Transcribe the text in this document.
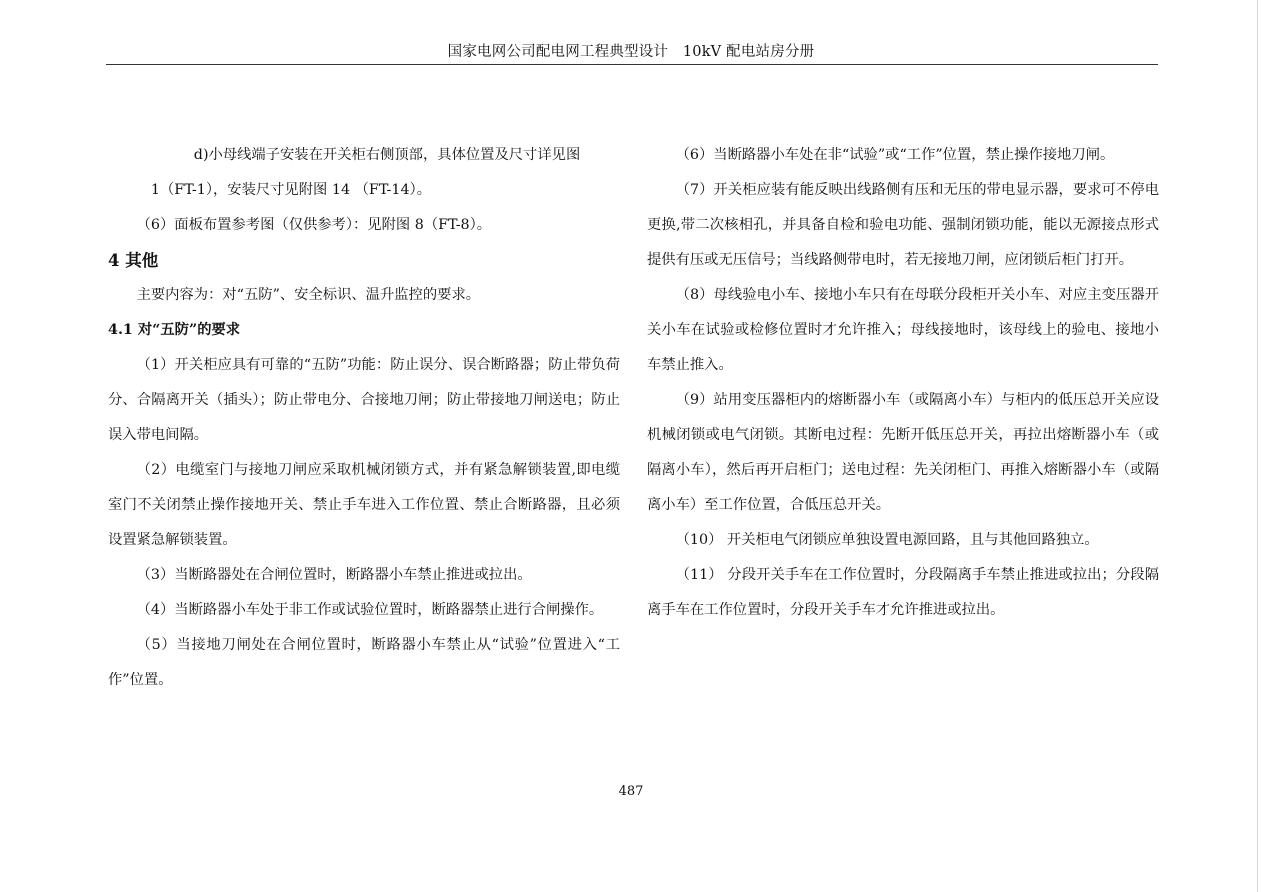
国家电网公司配电网工程典型设计　10kV 配电站房分册

d)小母线端子安装在开关柜右侧顶部，具体位置及尺寸详见图

1（FT-1），安装尺寸见附图 14 （FT-14）。

（6）面板布置参考图（仅供参考）：见附图 8（FT-8）。

4 其他

主要内容为：对“五防”、安全标识、温升监控的要求。

4.1 对“五防”的要求

（1）开关柜应具有可靠的“五防”功能：防止误分、误合断路器；防止带负荷分、合隔离开关（插头）；防止带电分、合接地刀闸；防止带接地刀闸送电；防止误入带电间隔。

（2）电缆室门与接地刀闸应采取机械闭锁方式，并有紧急解锁装置,即电缆室门不关闭禁止操作接地开关、禁止手车进入工作位置、禁止合断路器，且必须设置紧急解锁装置。

（3）当断路器处在合闸位置时，断路器小车禁止推进或拉出。

（4）当断路器小车处于非工作或试验位置时，断路器禁止进行合闸操作。

（5）当接地刀闸处在合闸位置时，断路器小车禁止从“试验”位置进入“工作”位置。

（6）当断路器小车处在非“试验”或“工作”位置，禁止操作接地刀闸。

（7）开关柜应装有能反映出线路侧有压和无压的带电显示器，要求可不停电更换,带二次核相孔，并具备自检和验电功能、强制闭锁功能，能以无源接点形式提供有压或无压信号；当线路侧带电时，若无接地刀闸，应闭锁后柜门打开。

（8）母线验电小车、接地小车只有在母联分段柜开关小车、对应主变压器开关小车在试验或检修位置时才允许推入；母线接地时，该母线上的验电、接地小车禁止推入。

（9）站用变压器柜内的熔断器小车（或隔离小车）与柜内的低压总开关应设机械闭锁或电气闭锁。其断电过程：先断开低压总开关，再拉出熔断器小车（或隔离小车），然后再开启柜门；送电过程：先关闭柜门、再推入熔断器小车（或隔离小车）至工作位置，合低压总开关。

（10） 开关柜电气闭锁应单独设置电源回路，且与其他回路独立。

（11） 分段开关手车在工作位置时，分段隔离手车禁止推进或拉出；分段隔离手车在工作位置时，分段开关手车才允许推进或拉出。

487
